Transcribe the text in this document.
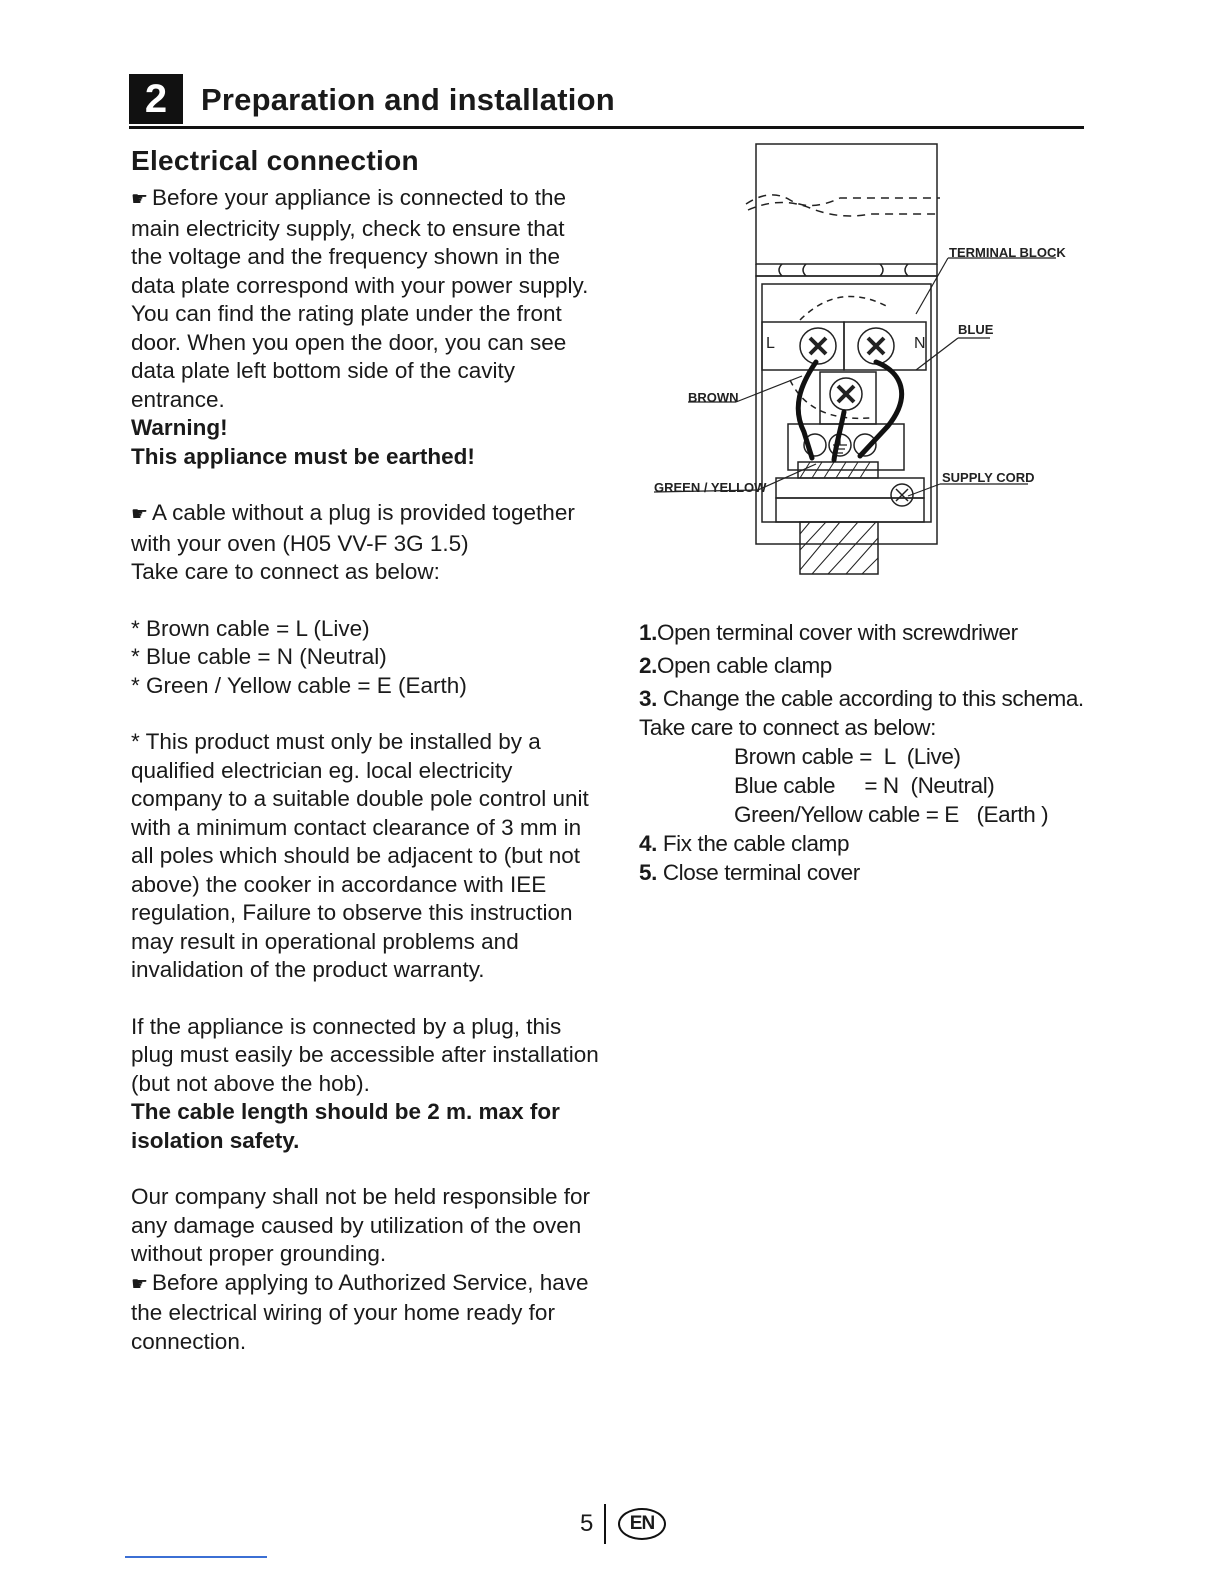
2	Preparation and installation
Electrical connection

☛ Before your appliance is connected to the main electricity supply, check to ensure that the voltage and the frequency shown in the data plate correspond with your power supply. You can find the rating plate under the front door. When you open the door, you can see data plate left bottom side of the cavity entrance.

Warning!

This appliance must be earthed!

☛ A cable without a plug is provided together with your oven (H05 VV-F 3G 1.5)

Take care to connect as below:

* Brown cable = L (Live)

* Blue cable = N (Neutral)

* Green / Yellow cable = E (Earth)

* This product must only be installed by a qualified electrician eg. local electricity company to a suitable double pole control unit with a minimum contact clearance of 3 mm in all poles which should be adjacent to (but not above) the cooker in accordance with IEE regulation, Failure to observe this instruction may result in operational problems and invalidation of the product warranty.

If the appliance is connected by a plug, this plug must easily be accessible after installation (but not above the hob).

The cable length should be 2 m. max for isolation safety.

Our company shall not be held responsible for any damage caused by utilization of the oven without proper grounding.

☛ Before applying to Authorized Service, have the electrical wiring of your home ready for connection.

L	N
TERMINAL BLOCK
BLUE
BROWN
GREEN / YELLOW
SUPPLY CORD

1.Open terminal cover with screwdriwer

2.Open cable clamp

3. Change the cable according to this schema.

Take care to connect as below:

Brown cable =  L  (Live)

Blue cable     = N  (Neutral)

Green/Yellow cable = E   (Earth )

4. Fix the cable clamp

5. Close terminal cover

5	EN
